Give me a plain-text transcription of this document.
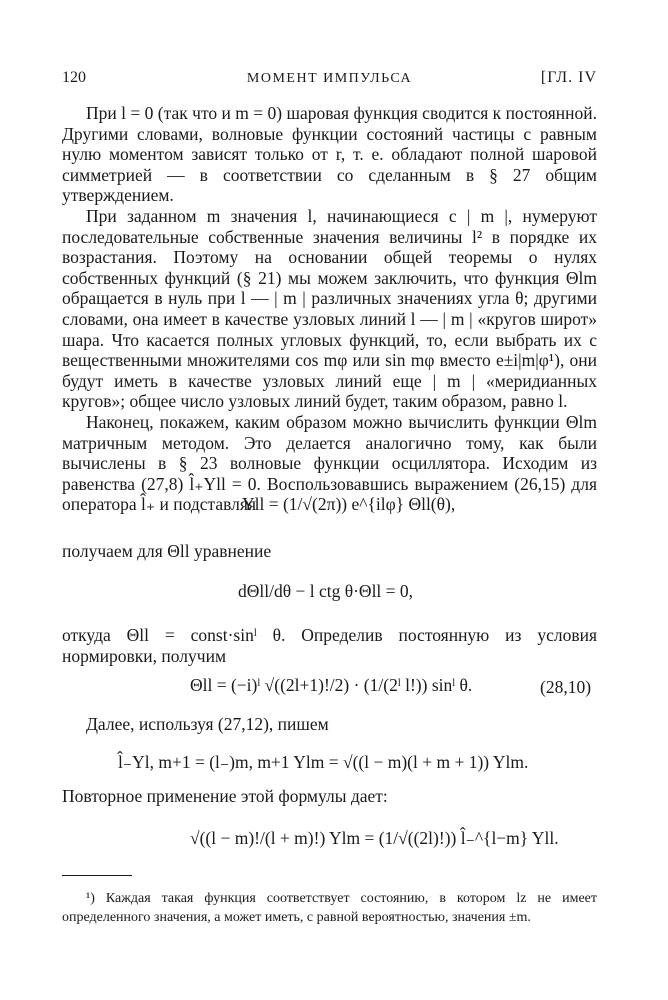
120	МОМЕНТ ИМПУЛЬСА	[ГЛ. IV

При l = 0 (так что и m = 0) шаровая функция сводится к постоянной. Другими словами, волновые функции состояний частицы с равным нулю моментом зависят только от r, т. е. обладают полной шаровой симметрией — в соответствии со сделанным в § 27 общим утверждением.

При заданном m значения l, начинающиеся с | m |, нумеруют последовательные собственные значения величины l² в порядке их возрастания. Поэтому на основании общей теоремы о нулях собственных функций (§ 21) мы можем заключить, что функция Θlm обращается в нуль при l — | m | различных значениях угла θ; другими словами, она имеет в качестве узловых линий l — | m | «кругов широт» шара. Что касается полных угловых функций, то, если выбрать их с вещественными множителями cos mφ или sin mφ вместо e±i|m|φ¹), они будут иметь в качестве узловых линий еще | m | «меридианных кругов»; общее число узловых линий будет, таким образом, равно l.

Наконец, покажем, каким образом можно вычислить функции Θlm матричным методом. Это делается аналогично тому, как были вычислены в § 23 волновые функции осциллятора. Исходим из равенства (27,8) l̂₊Yll = 0. Воспользовавшись выражением (26,15) для оператора l̂₊ и подставляя

Yll = (1/√(2π)) e^{ilφ} Θll(θ),
получаем для Θll уравнение
dΘll/dθ − l ctg θ·Θll = 0,

откуда Θll = const·sinˡ θ. Определив постоянную из условия нормировки, получим

Θll = (−i)ˡ √((2l+1)!/2) · (1/(2ˡ l!)) sinˡ θ.	(28,10)
Далее, используя (27,12), пишем
l̂₋Yl, m+1 = (l₋)m, m+1 Ylm = √((l − m)(l + m + 1)) Ylm.
Повторное применение этой формулы дает:
√((l − m)!/(l + m)!) Ylm = (1/√((2l)!)) l̂₋^{l−m} Yll.

¹) Каждая такая функция соответствует состоянию, в котором lz не имеет определенного значения, а может иметь, с равной вероятностью, значения ±m.
